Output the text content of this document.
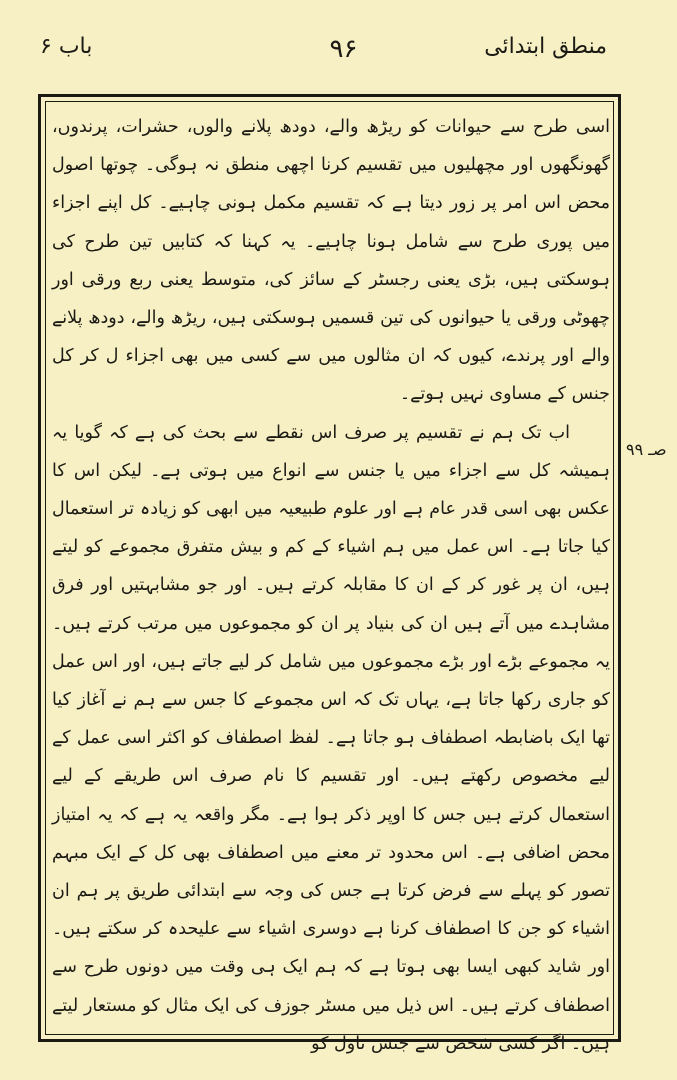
منطق ابتدائی
۹۶
باب ۶

اسی طرح سے حیوانات کو ریڑھ والے، دودھ پلانے والوں، حشرات، پرندوں، گھونگھوں اور مچھلیوں میں تقسیم کرنا اچھی منطق نہ ہوگی۔ چوتھا اصول محض اس امر پر زور دیتا ہے کہ تقسیم مکمل ہونی چاہیے۔ کل اپنے اجزاء میں پوری طرح سے شامل ہونا چاہیے۔ یہ کہنا کہ کتابیں تین طرح کی ہوسکتی ہیں، بڑی یعنی رجسٹر کے سائز کی، متوسط یعنی ربع ورقی اور چھوٹی ورقی یا حیوانوں کی تین قسمیں ہوسکتی ہیں، ریڑھ والے، دودھ پلانے والے اور پرندے، کیوں کہ ان مثالوں میں سے کسی میں بھی اجزاء ل کر کل جنس کے مساوی نہیں ہوتے۔

اب تک ہم نے تقسیم پر صرف اس نقطے سے بحث کی ہے کہ گویا یہ ہمیشہ کل سے اجزاء میں یا جنس سے انواع میں ہوتی ہے۔ لیکن اس کا عکس بھی اسی قدر عام ہے اور علوم طبیعیہ میں ابھی کو زیادہ تر استعمال کیا جاتا ہے۔ اس عمل میں ہم اشیاء کے کم و بیش متفرق مجموعے کو لیتے ہیں، ان پر غور کر کے ان کا مقابلہ کرتے ہیں۔ اور جو مشابہتیں اور فرق مشاہدے میں آتے ہیں ان کی بنیاد پر ان کو مجموعوں میں مرتب کرتے ہیں۔ یہ مجموعے بڑے اور بڑے مجموعوں میں شامل کر لیے جاتے ہیں، اور اس عمل کو جاری رکھا جاتا ہے، یہاں تک کہ اس مجموعے کا جس سے ہم نے آغاز کیا تھا ایک باضابطہ اصطفاف ہو جاتا ہے۔ لفظ اصطفاف کو اکثر اسی عمل کے لیے مخصوص رکھتے ہیں۔ اور تقسیم کا نام صرف اس طریقے کے لیے استعمال کرتے ہیں جس کا اوپر ذکر ہوا ہے۔ مگر واقعہ یہ ہے کہ یہ امتیاز محض اضافی ہے۔ اس محدود تر معنے میں اصطفاف بھی کل کے ایک مبہم تصور کو پہلے سے فرض کرتا ہے جس کی وجہ سے ابتدائی طریق پر ہم ان اشیاء کو جن کا اصطفاف کرنا ہے دوسری اشیاء سے علیحدہ کر سکتے ہیں۔ اور شاید کبھی ایسا بھی ہوتا ہے کہ ہم ایک ہی وقت میں دونوں طرح سے اصطفاف کرتے ہیں۔ اس ذیل میں مسٹر جوزف کی ایک مثال کو مستعار لیتے ہیں۔ اگر کسی شخص سے جنس ناول کو

صـ ۹۹
